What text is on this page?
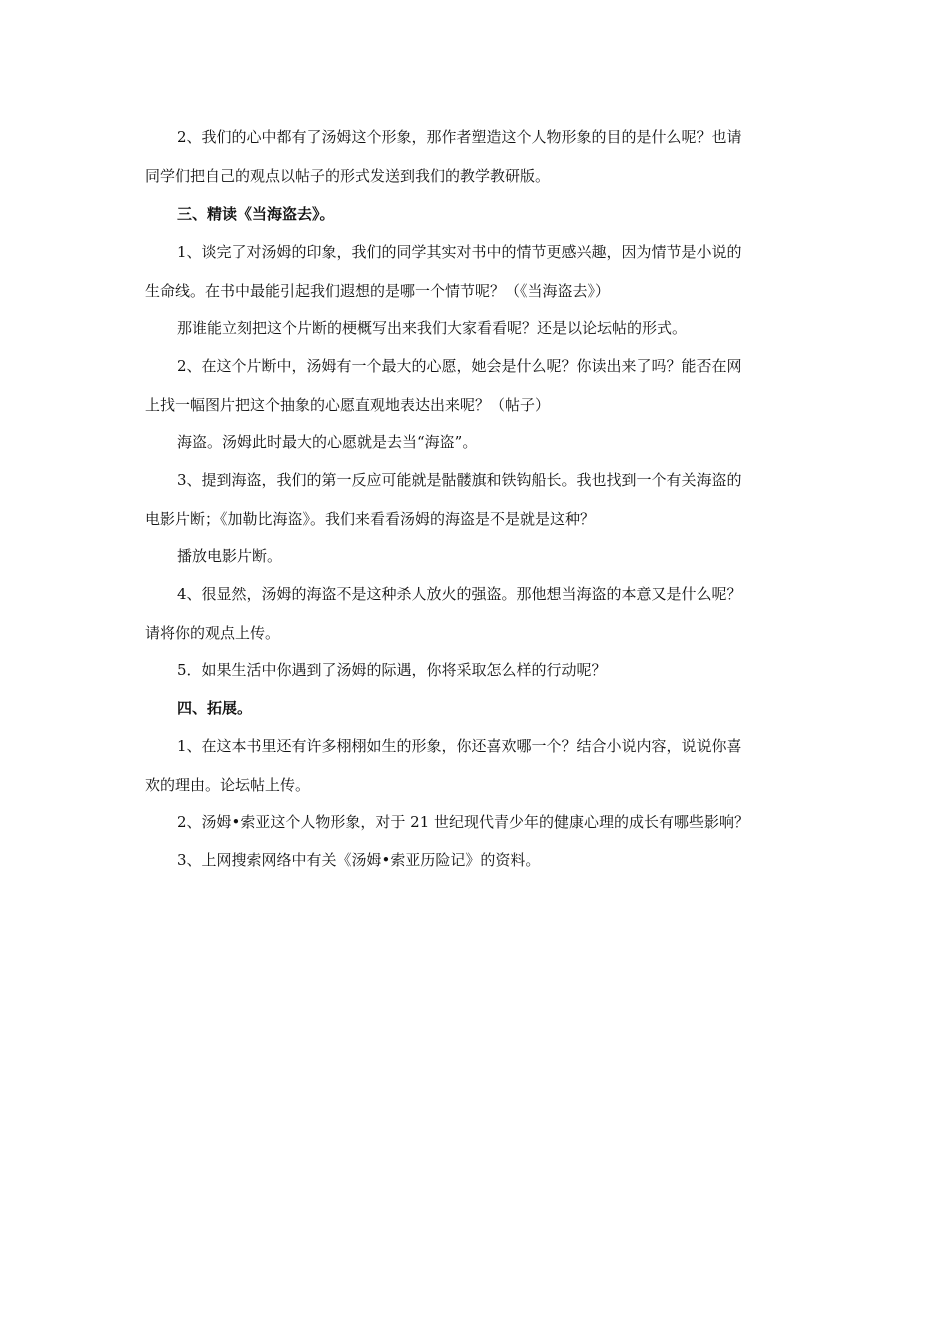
2、我们的心中都有了汤姆这个形象，那作者塑造这个人物形象的目的是什么呢？也请
同学们把自己的观点以帖子的形式发送到我们的教学教研版。
三、精读《当海盗去》。
1、谈完了对汤姆的印象，我们的同学其实对书中的情节更感兴趣，因为情节是小说的
生命线。在书中最能引起我们遐想的是哪一个情节呢？（《当海盗去》）
那谁能立刻把这个片断的梗概写出来我们大家看看呢？还是以论坛帖的形式。
2、在这个片断中，汤姆有一个最大的心愿，她会是什么呢？你读出来了吗？能否在网
上找一幅图片把这个抽象的心愿直观地表达出来呢？（帖子）
海盗。汤姆此时最大的心愿就是去当“海盗”。
3、提到海盗，我们的第一反应可能就是骷髅旗和铁钩船长。我也找到一个有关海盗的
电影片断；《加勒比海盗》。我们来看看汤姆的海盗是不是就是这种？
播放电影片断。
4、很显然，汤姆的海盗不是这种杀人放火的强盗。那他想当海盗的本意又是什么呢？
请将你的观点上传。
5．如果生活中你遇到了汤姆的际遇，你将采取怎么样的行动呢？
四、拓展。
1、在这本书里还有许多栩栩如生的形象，你还喜欢哪一个？结合小说内容，说说你喜
欢的理由。论坛帖上传。
2、汤姆•索亚这个人物形象，对于 21 世纪现代青少年的健康心理的成长有哪些影响？
3、上网搜索网络中有关《汤姆•索亚历险记》的资料。
